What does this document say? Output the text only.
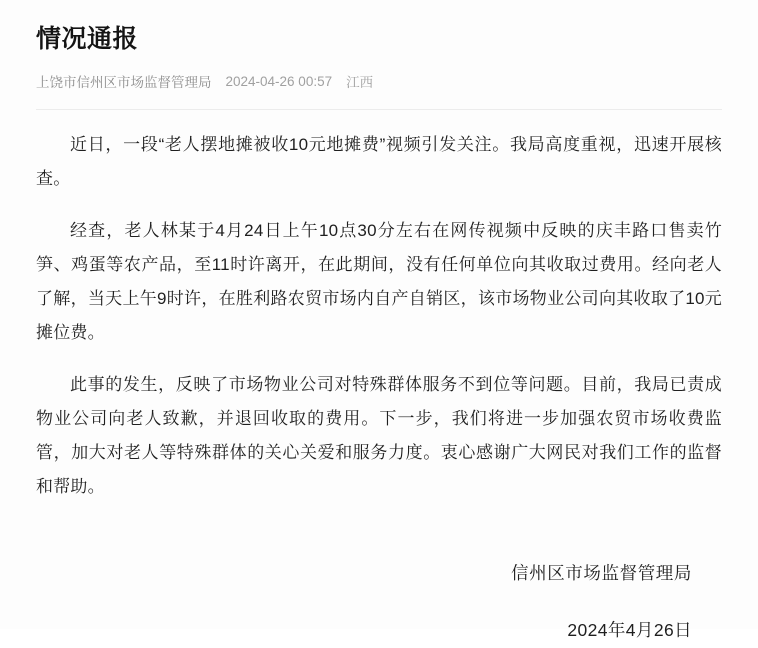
情况通报
上饶市信州区市场监督管理局 2024-04-26 00:57 江西

近日，一段“老人摆地摊被收10元地摊费”视频引发关注。我局高度重视，迅速开展核查。

经查，老人林某于4月24日上午10点30分左右在网传视频中反映的庆丰路口售卖竹笋、鸡蛋等农产品，至11时许离开，在此期间，没有任何单位向其收取过费用。经向老人了解，当天上午9时许，在胜利路农贸市场内自产自销区，该市场物业公司向其收取了10元摊位费。

此事的发生，反映了市场物业公司对特殊群体服务不到位等问题。目前，我局已责成物业公司向老人致歉，并退回收取的费用。下一步，我们将进一步加强农贸市场收费监管，加大对老人等特殊群体的关心关爱和服务力度。衷心感谢广大网民对我们工作的监督和帮助。

信州区市场监督管理局
2024年4月26日
